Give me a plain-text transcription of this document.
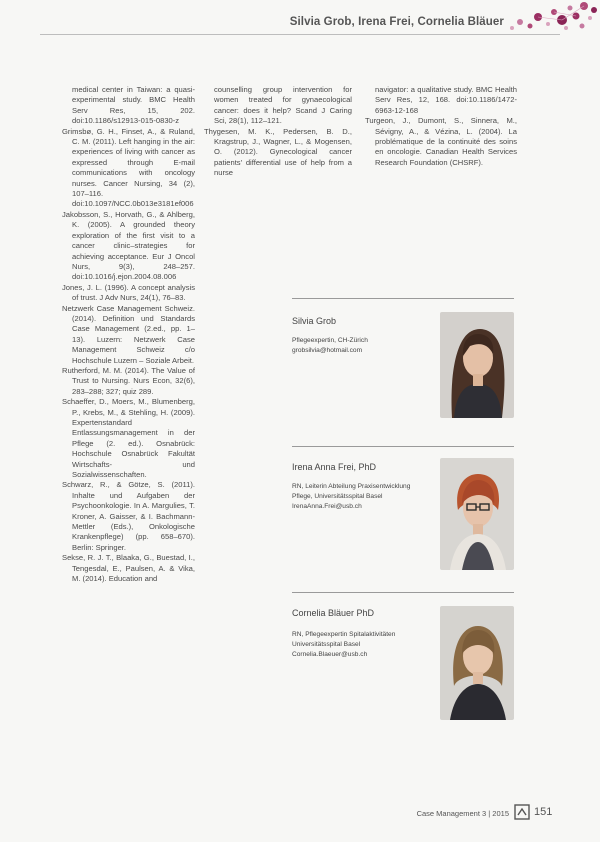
Silvia Grob, Irena Frei, Cornelia Bläuer

medical center in Taiwan: a quasi-experimental study. BMC Health Serv Res, 15, 202. doi:10.1186/s12913-015-0830-z

Grimsbø, G. H., Finset, A., & Ruland, C. M. (2011). Left hanging in the air: experiences of living with cancer as expressed through E-mail communications with oncology nurses. Cancer Nursing, 34 (2), 107–116. doi:10.1097/NCC.0b013e3181ef006

Jakobsson, S., Horvath, G., & Ahlberg, K. (2005). A grounded theory exploration of the first visit to a cancer clinic–strategies for achieving acceptance. Eur J Oncol Nurs, 9(3), 248–257. doi:10.1016/j.ejon.2004.08.006

Jones, J. L. (1996). A concept analysis of trust. J Adv Nurs, 24(1), 76–83.

Netzwerk Case Management Schweiz. (2014). Definition und Standards Case Management (2.ed., pp. 1–13). Luzern: Netzwerk Case Management Schweiz c/o Hochschule Luzern – Soziale Arbeit.

Rutherford, M. M. (2014). The Value of Trust to Nursing. Nurs Econ, 32(6), 283–288; 327; quiz 289.

Schaeffer, D., Moers, M., Blumenberg, P., Krebs, M., & Stehling, H. (2009). Expertenstandard Entlassungsmanagement in der Pflege (2. ed.). Osnabrück: Hochschule Osnabrück Fakultät Wirtschafts- und Sozialwissenschaften.

Schwarz, R., & Götze, S. (2011). Inhalte und Aufgaben der Psychoonkologie. In A. Margulies, T. Kroner, A. Gaisser, & I. Bachmann-Mettler (Eds.), Onkologische Krankenpflege) (pp. 658–670). Berlin: Springer.

Sekse, R. J. T., Blaaka, G., Buestad, I., Tengesdal, E., Paulsen, A. & Vika, M. (2014). Education and

counselling group intervention for women treated for gynaecological cancer: does it help? Scand J Caring Sci, 28(1), 112–121.

Thygesen, M. K., Pedersen, B. D., Kragstrup, J., Wagner, L., & Mogensen, O. (2012). Gynecological cancer patients' differential use of help from a nurse

navigator: a qualitative study. BMC Health Serv Res, 12, 168. doi:10.1186/1472-6963-12-168

Turgeon, J., Dumont, S., Sinnera, M., Sévigny, A., & Vézina, L. (2004). La problématique de la continuité des soins en oncologie. Canadian Health Services Research Foundation (CHSRF).

Silvia Grob
Pflegeexpertin, CH-Zürich
grobsilvia@hotmail.com
Irena Anna Frei, PhD
RN, Leiterin Abteilung Praxisentwicklung
Pflege, Universitätsspital Basel
IrenaAnna.Frei@usb.ch
Cornelia Bläuer PhD
RN, Pflegeexpertin Spitalaktivitäten
Universitätsspital Basel
Cornelia.Blaeuer@usb.ch
Case Management 3 | 2015 151
